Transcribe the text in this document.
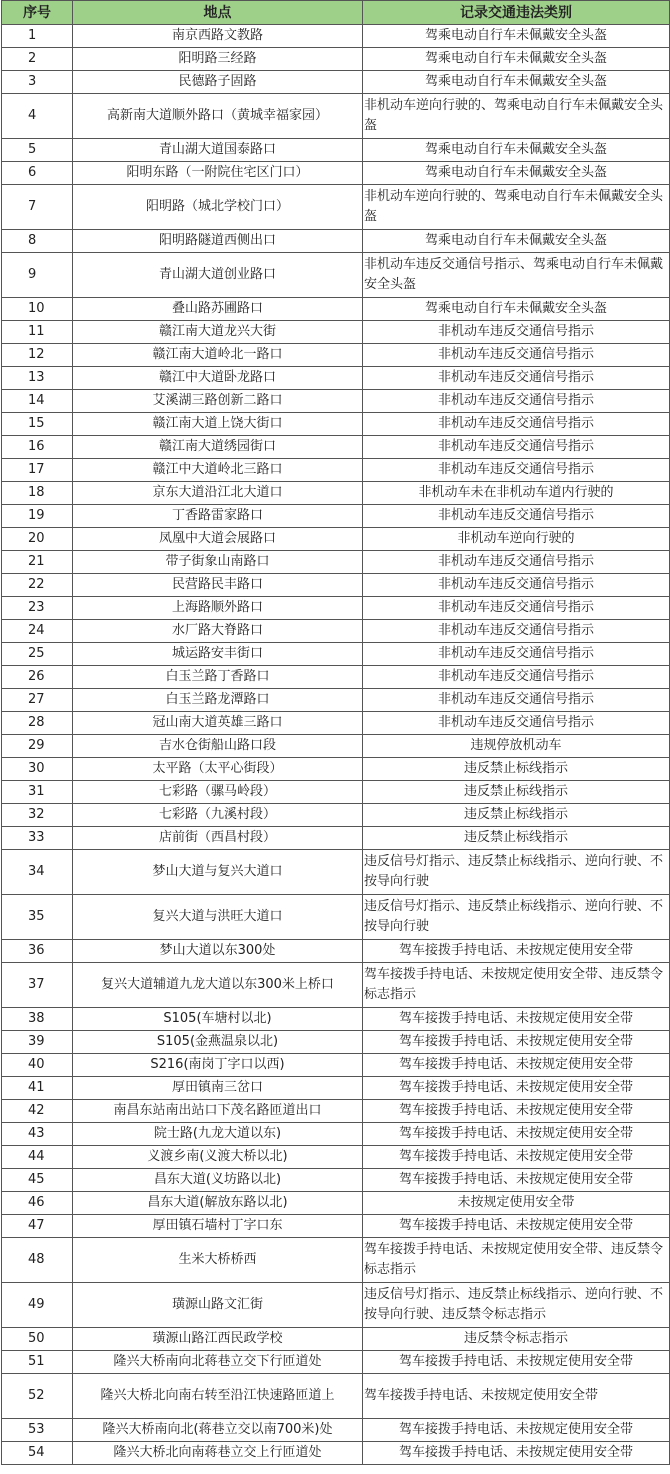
序号	地点	记录交通违法类别
1	南京西路文教路	驾乘电动自行车未佩戴安全头盔
2	阳明路三经路	驾乘电动自行车未佩戴安全头盔
3	民德路子固路	驾乘电动自行车未佩戴安全头盔
4	高新南大道顺外路口（黄城幸福家园）	非机动车逆向行驶的、驾乘电动自行车未佩戴安全头盔
5	青山湖大道国泰路口	驾乘电动自行车未佩戴安全头盔
6	阳明东路（一附院住宅区门口）	驾乘电动自行车未佩戴安全头盔
7	阳明路（城北学校门口）	非机动车逆向行驶的、驾乘电动自行车未佩戴安全头盔
8	阳明路隧道西侧出口	驾乘电动自行车未佩戴安全头盔
9	青山湖大道创业路口	非机动车违反交通信号指示、驾乘电动自行车未佩戴安全头盔
10	叠山路苏圃路口	驾乘电动自行车未佩戴安全头盔
11	赣江南大道龙兴大街	非机动车违反交通信号指示
12	赣江南大道岭北一路口	非机动车违反交通信号指示
13	赣江中大道卧龙路口	非机动车违反交通信号指示
14	艾溪湖三路创新二路口	非机动车违反交通信号指示
15	赣江南大道上饶大街口	非机动车违反交通信号指示
16	赣江南大道绣园街口	非机动车违反交通信号指示
17	赣江中大道岭北三路口	非机动车违反交通信号指示
18	京东大道沿江北大道口	非机动车未在非机动车道内行驶的
19	丁香路雷家路口	非机动车违反交通信号指示
20	凤凰中大道会展路口	非机动车逆向行驶的
21	带子街象山南路口	非机动车违反交通信号指示
22	民营路民丰路口	非机动车违反交通信号指示
23	上海路顺外路口	非机动车违反交通信号指示
24	水厂路大脊路口	非机动车违反交通信号指示
25	城运路安丰街口	非机动车违反交通信号指示
26	白玉兰路丁香路口	非机动车违反交通信号指示
27	白玉兰路龙潭路口	非机动车违反交通信号指示
28	冠山南大道英雄三路口	非机动车违反交通信号指示
29	吉水仓街船山路口段	违规停放机动车
30	太平路（太平心街段）	违反禁止标线指示
31	七彩路（骡马岭段）	违反禁止标线指示
32	七彩路（九溪村段）	违反禁止标线指示
33	店前街（西昌村段）	违反禁止标线指示
34	梦山大道与复兴大道口	违反信号灯指示、违反禁止标线指示、逆向行驶、不按导向行驶
35	复兴大道与洪旺大道口	违反信号灯指示、违反禁止标线指示、逆向行驶、不按导向行驶
36	梦山大道以东300处	驾车接拨手持电话、未按规定使用安全带
37	复兴大道辅道九龙大道以东300米上桥口	驾车接拨手持电话、未按规定使用安全带、违反禁令标志指示
38	S105(车塘村以北)	驾车接拨手持电话、未按规定使用安全带
39	S105(金燕温泉以北)	驾车接拨手持电话、未按规定使用安全带
40	S216(南岗丁字口以西)	驾车接拨手持电话、未按规定使用安全带
41	厚田镇南三岔口	驾车接拨手持电话、未按规定使用安全带
42	南昌东站南出站口下茂名路匝道出口	驾车接拨手持电话、未按规定使用安全带
43	院士路(九龙大道以东)	驾车接拨手持电话、未按规定使用安全带
44	义渡乡南(义渡大桥以北)	驾车接拨手持电话、未按规定使用安全带
45	昌东大道(义坊路以北)	驾车接拨手持电话、未按规定使用安全带
46	昌东大道(解放东路以北)	未按规定使用安全带
47	厚田镇石墙村丁字口东	驾车接拨手持电话、未按规定使用安全带
48	生米大桥桥西	驾车接拨手持电话、未按规定使用安全带、违反禁令标志指示
49	璜源山路文汇街	违反信号灯指示、违反禁止标线指示、逆向行驶、不按导向行驶、违反禁令标志指示
50	璜源山路江西民政学校	违反禁令标志指示
51	隆兴大桥南向北蒋巷立交下行匝道处	驾车接拨手持电话、未按规定使用安全带
52	隆兴大桥北向南右转至沿江快速路匝道上	驾车接拨手持电话、未按规定使用安全带
53	隆兴大桥南向北(蒋巷立交以南700米)处	驾车接拨手持电话、未按规定使用安全带
54	隆兴大桥北向南蒋巷立交上行匝道处	驾车接拨手持电话、未按规定使用安全带
